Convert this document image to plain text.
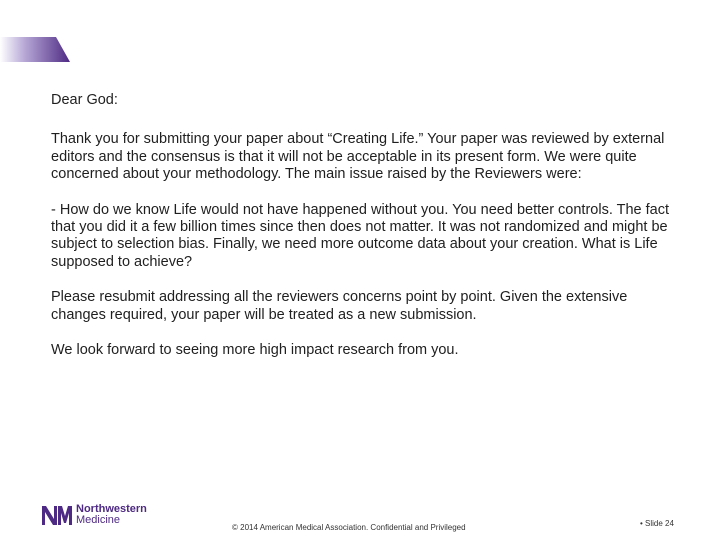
Dear God:

Thank you for submitting your paper about “Creating Life.” Your paper was reviewed by external editors and the consensus is that it will not be acceptable in its present form. We were quite concerned about your methodology. The main issue raised by the Reviewers were:

- How do we know Life would not have happened without you. You need better controls. The fact that you did it a few billion times since then does not matter. It was not randomized and might be subject to selection bias. Finally, we need more outcome data about your creation. What is Life supposed to achieve?

Please resubmit addressing all the reviewers concerns point by point. Given the extensive changes required, your paper will be treated as a new submission.

We look forward to seeing more high impact research from you.

Northwestern
Medicine
© 2014 American Medical Association. Confidential and Privileged	• Slide 24
